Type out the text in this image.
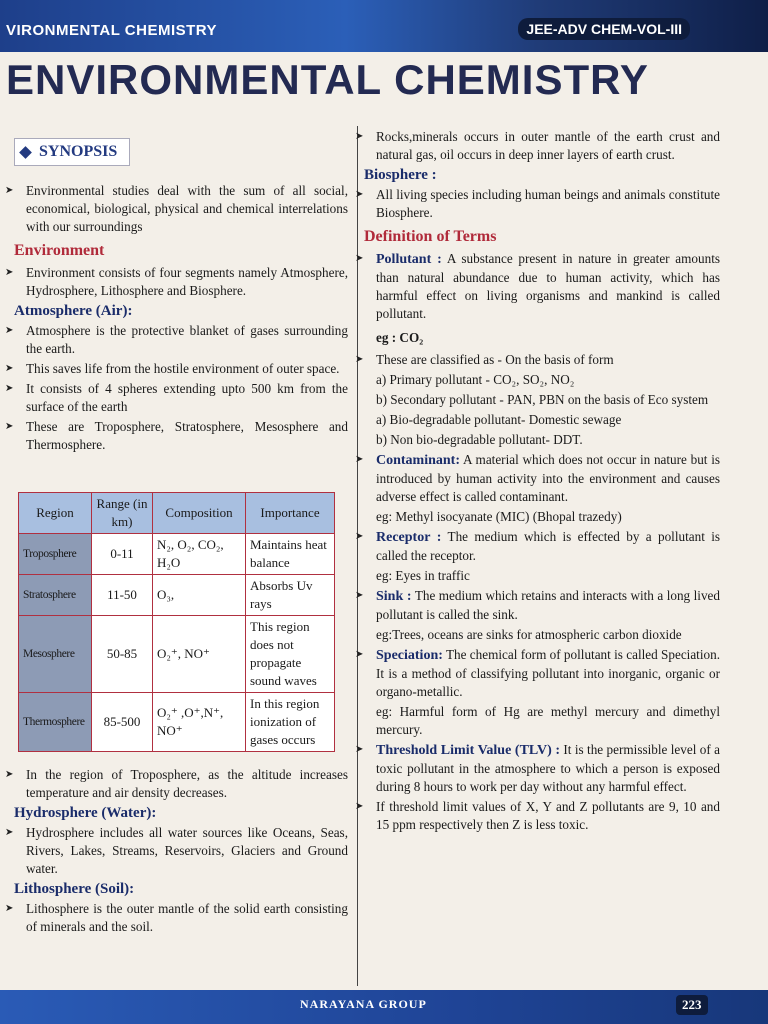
VIRONMENTAL CHEMISTRY	JEE-ADV CHEM-VOL-III
ENVIRONMENTAL CHEMISTRY
SYNOPSIS
➤ Environmental studies deal with the sum of all social, economical, biological, physical and chemical interrelations with our surroundings
Environment
➤ Environment consists of four segments namely Atmosphere, Hydrosphere, Lithosphere and Biosphere.
Atmosphere (Air):
➤ Atmosphere is the protective blanket of gases surrounding the earth.
➤ This saves life from the hostile environment of outer space.
➤ It consists of 4 spheres extending upto 500 km from the surface of the earth
➤ These are Troposphere, Stratosphere, Mesosphere and Thermosphere.
Region	Range (in km)	Composition	Importance
Troposphere	0-11	N₂, O₂, CO₂, H₂O	Maintains heat balance
Stratosphere	11-50	O₃,	Absorbs Uv rays
Mesosphere	50-85	O₂⁺, NO⁺	This region does not propagate sound waves
Thermosphere	85-500	O₂⁺ ,O⁺,N⁺, NO⁺	In this region ionization of gases occurs
➤ In the region of Troposphere, as the altitude increases temperature and air density decreases.
Hydrosphere (Water):
➤ Hydrosphere includes all water sources like Oceans, Seas, Rivers, Lakes, Streams, Reservoirs, Glaciers and Ground water.
Lithosphere (Soil):
➤ Lithosphere is the outer mantle of the solid earth consisting of minerals and the soil.
➤ Rocks,minerals occurs in outer mantle of the earth crust and natural gas, oil occurs in deep inner layers of earth crust.
Biosphere :
➤ All living species including human beings and animals constitute Biosphere.
Definition of Terms
➤ Pollutant : A substance present in nature in greater amounts than natural abundance due to human activity, which has harmful effect on living organisms and mankind is called pollutant.
eg : CO₂
➤ These are classified as - On the basis of form
a) Primary pollutant - CO₂, SO₂, NO₂
b) Secondary pollutant - PAN, PBN on the basis of Eco system
a) Bio-degradable pollutant- Domestic sewage
b) Non bio-degradable pollutant- DDT.
➤ Contaminant: A material which does not occur in nature but is introduced by human activity into the environment and causes adverse effect is called contaminant.
eg: Methyl isocyanate (MIC) (Bhopal trazedy)
➤ Receptor : The medium which is effected by a pollutant is called the receptor.
eg: Eyes in traffic
➤ Sink : The medium which retains and interacts with a long lived pollutant is called the sink.
eg:Trees, oceans are sinks for atmospheric carbon dioxide
➤ Speciation: The chemical form of pollutant is called Speciation. It is a method of classifying pollutant into inorganic, organic or organo-metallic.
eg: Harmful form of Hg are methyl mercury and dimethyl mercury.
➤ Threshold Limit Value (TLV) : It is the permissible level of a toxic pollutant in the atmosphere to which a person is exposed during 8 hours to work per day without any harmful effect.
➤ If threshold limit values of X, Y and Z pollutants are 9, 10 and 15 ppm respectively then Z is less toxic.
NARAYANA GROUP	223
